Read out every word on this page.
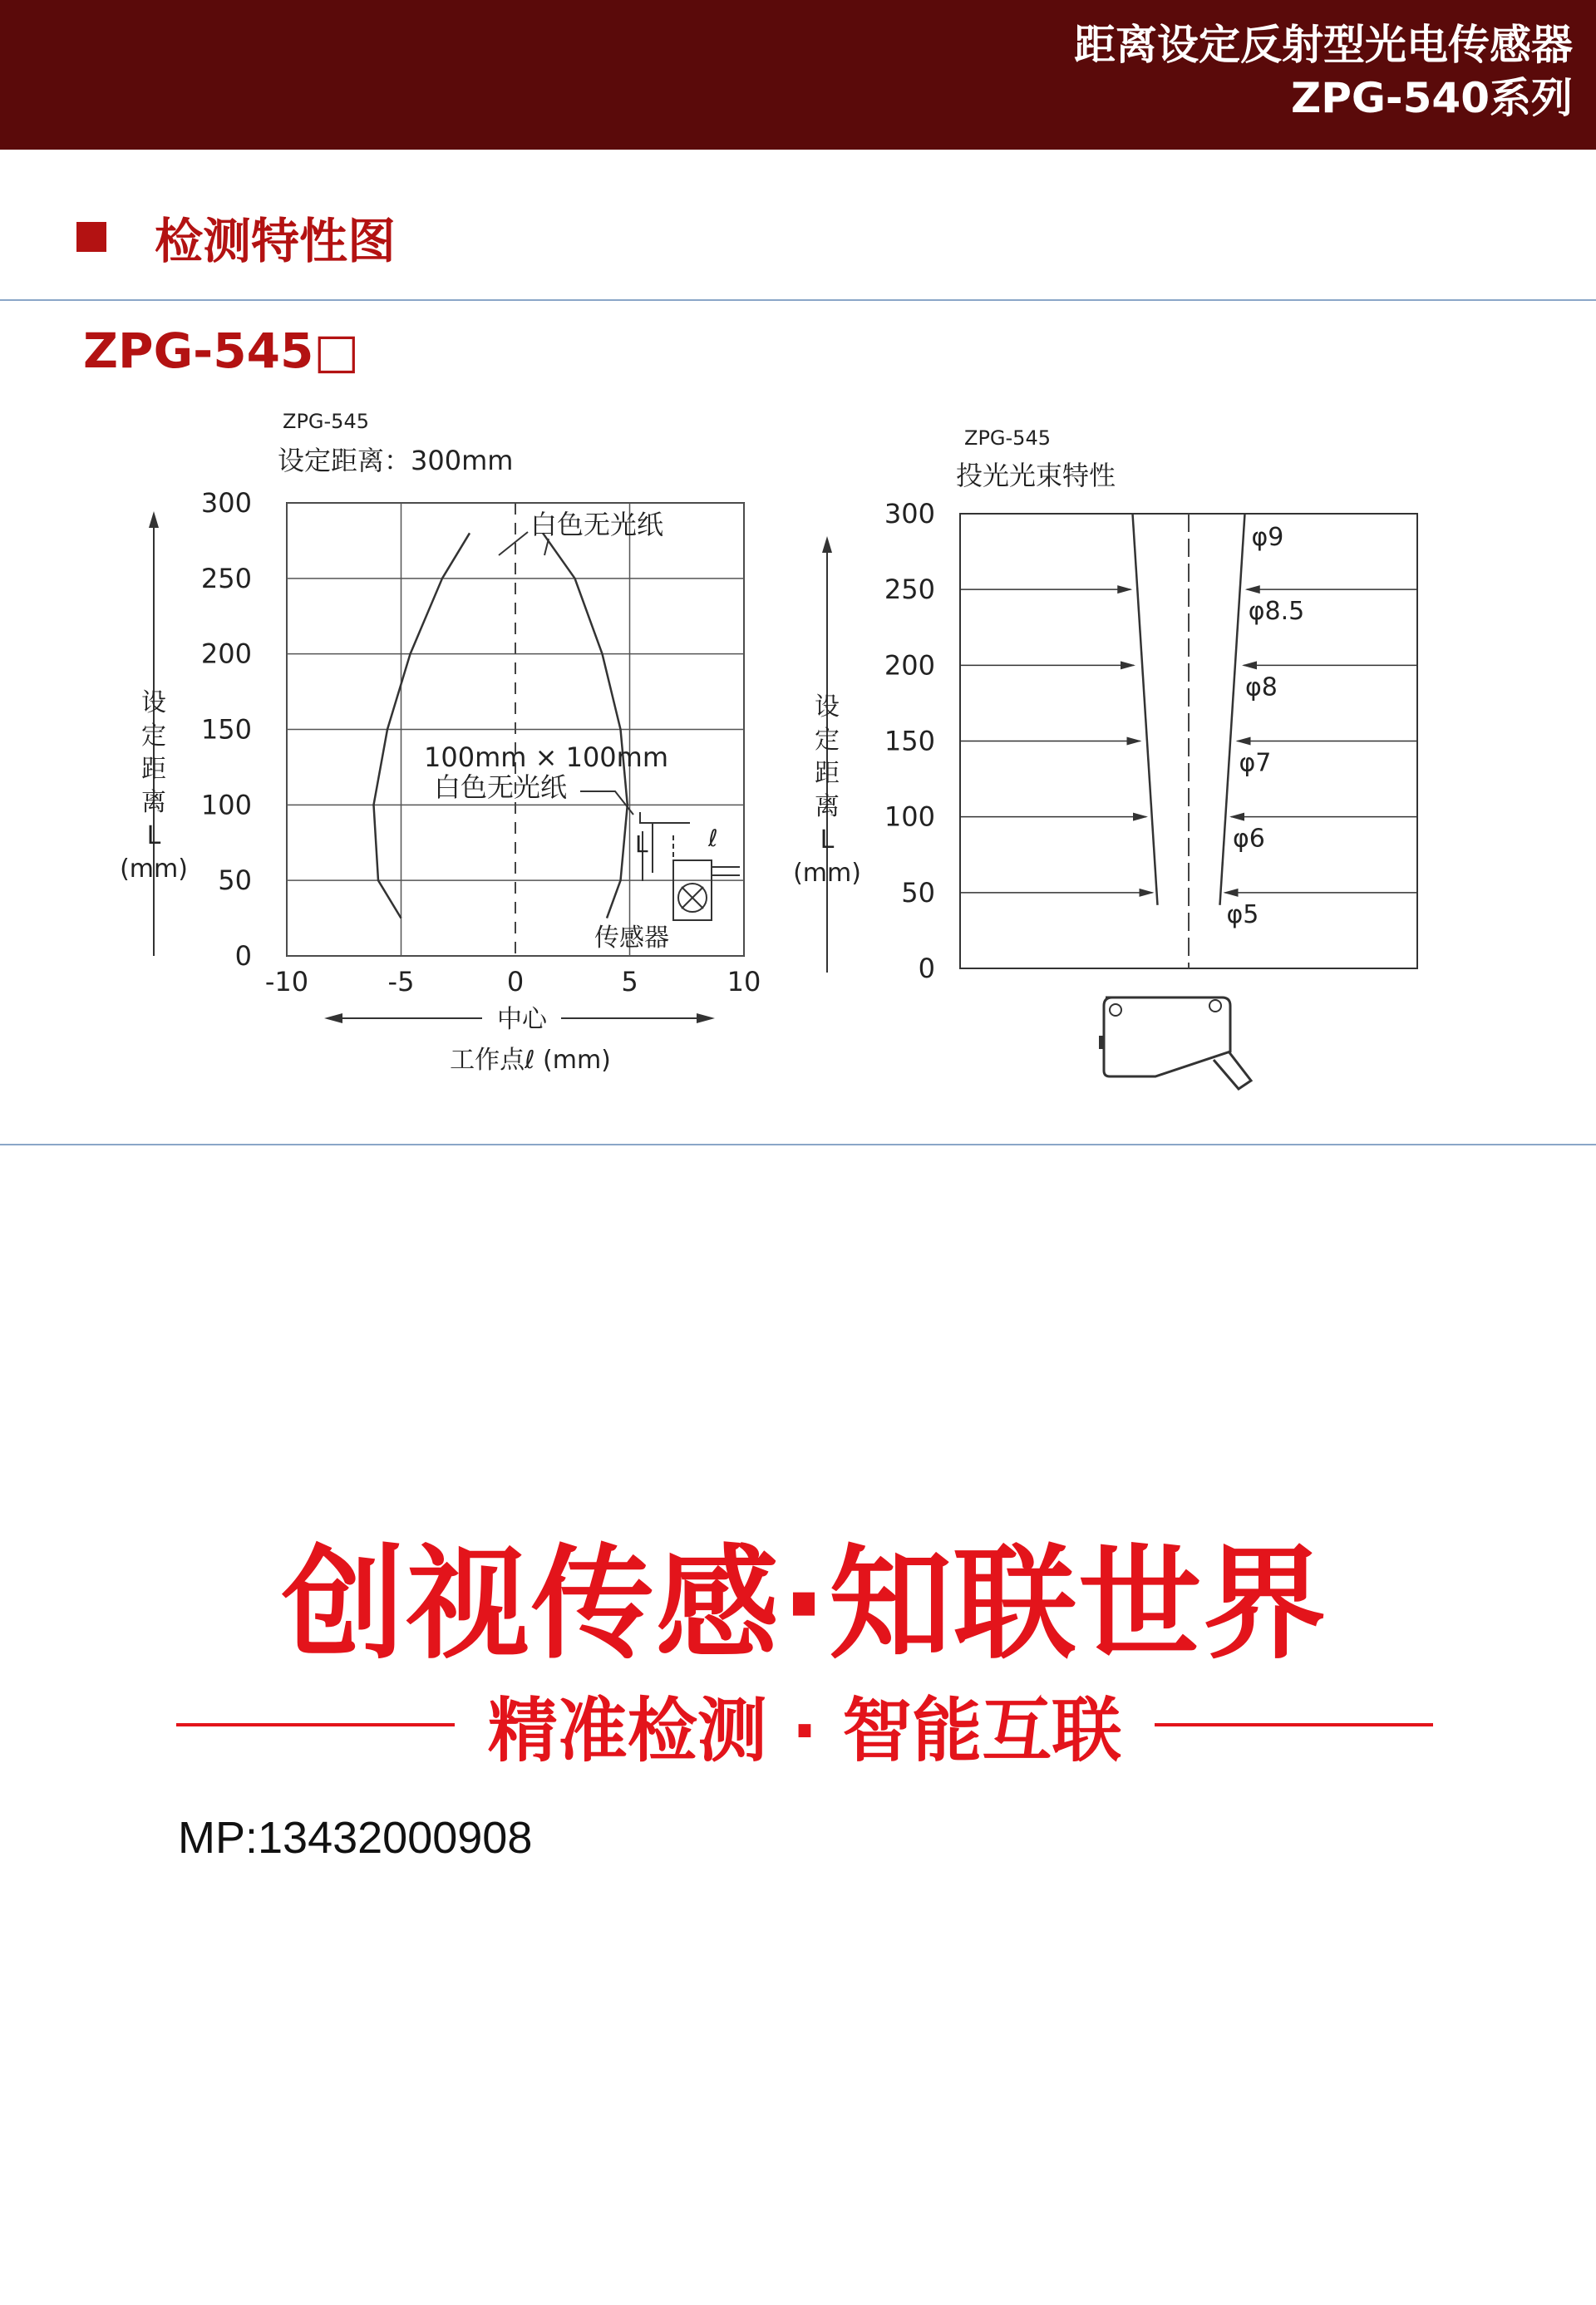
距离设定反射型光电传感器
ZPG-540系列
检测特性图
ZPG-545□
ZPG-545
设定距离：300mm
0
50
100
150
200
250
300
-10	-5	0	5	10
设
定
距
离
L
(mm)
中心
工作点ℓ (mm)
白色无光纸
100mm × 100mm
白色无光纸
L	ℓ
传感器
ZPG-545
投光光束特性
0
50
100
150
200
250
300
φ9
φ8.5
φ8
φ7
φ6
φ5
设
定
距
离
L
(mm)
创视传感·知联世界
精准检测 · 智能互联
MP:13432000908
